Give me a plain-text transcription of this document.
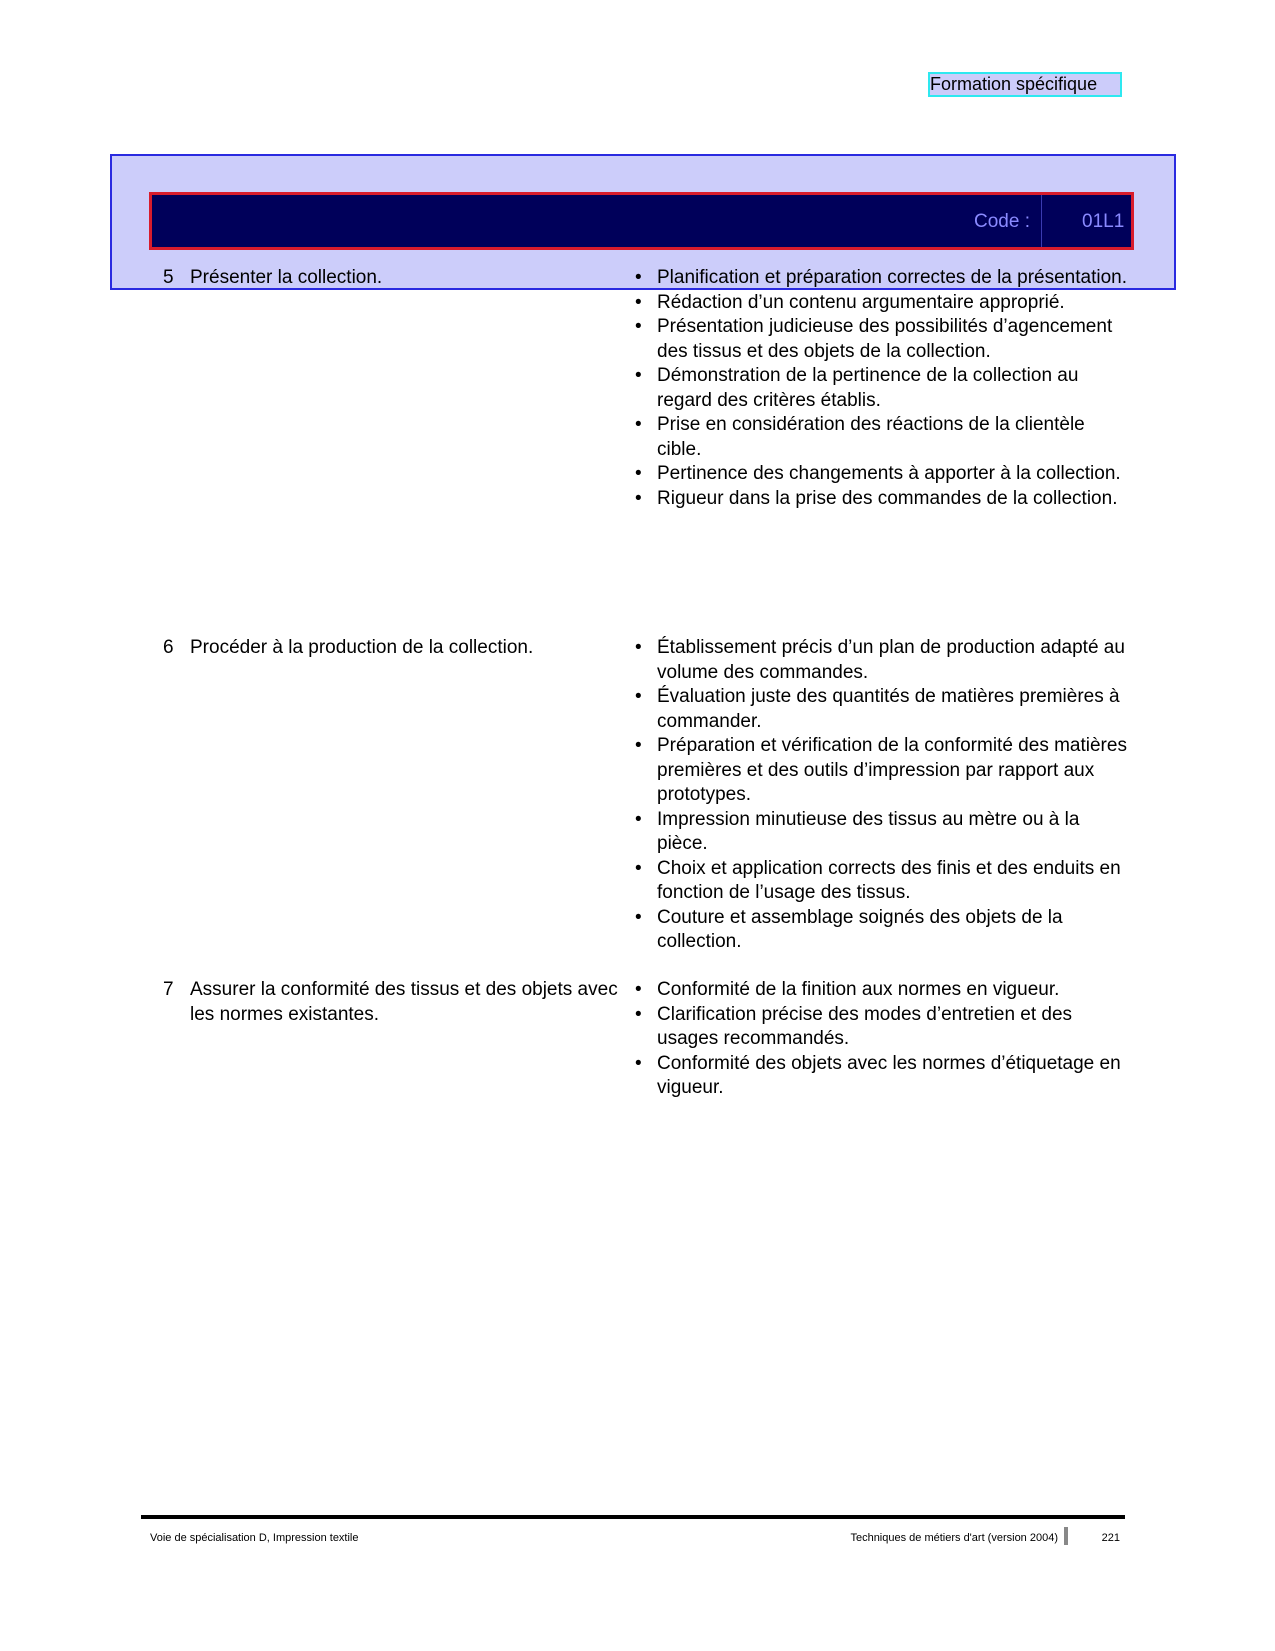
Formation spécifique
Code :	01L1
5 Présenter la collection.	• Planification et préparation correctes de la présentation.
• Rédaction d’un contenu argumentaire approprié.
• Présentation judicieuse des possibilités d’agencement des tissus et des objets de la collection.
• Démonstration de la pertinence de la collection au regard des critères établis.
• Prise en considération des réactions de la clientèle cible.
• Pertinence des changements à apporter à la collection.
• Rigueur dans la prise des commandes de la collection.
6 Procéder à la production de la collection.	• Établissement précis d’un plan de production adapté au volume des commandes.
• Évaluation juste des quantités de matières premières à commander.
• Préparation et vérification de la conformité des matières premières et des outils d’impression par rapport aux prototypes.
• Impression minutieuse des tissus au mètre ou à la pièce.
• Choix et application corrects des finis et des enduits en fonction de l’usage des tissus.
• Couture et assemblage soignés des objets de la collection.
7 Assurer la conformité des tissus et des objets avec les normes existantes.
• Conformité de la finition aux normes en vigueur.
• Clarification précise des modes d’entretien et des usages recommandés.
• Conformité des objets avec les normes d’étiquetage en vigueur.
Voie de spécialisation D, Impression textile	Techniques de métiers d'art (version 2004)	221
